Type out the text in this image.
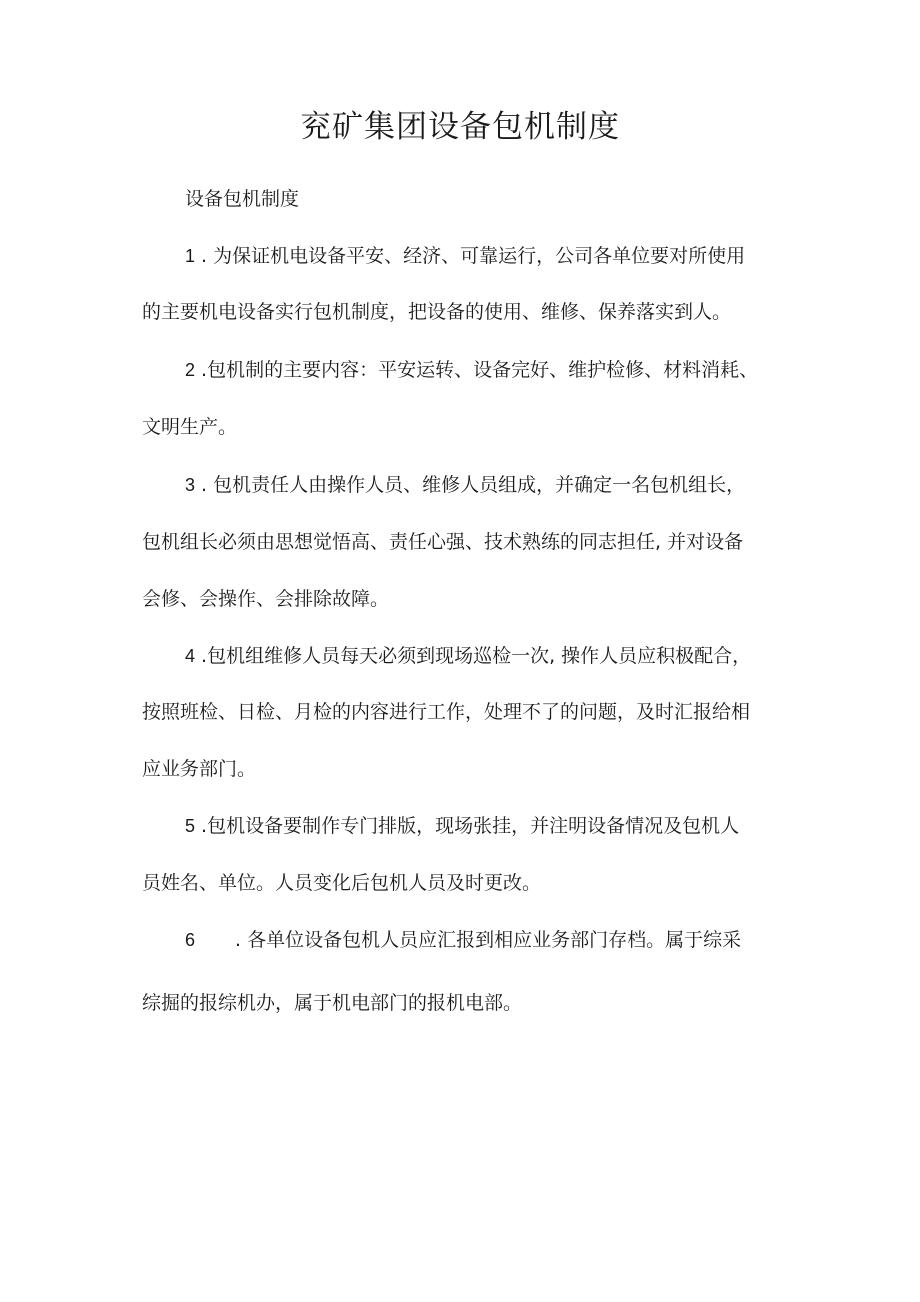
兖矿集团设备包机制度
设备包机制度
1 . 为保证机电设备平安、经济、可靠运行，公司各单位要对所使用
的主要机电设备实行包机制度，把设备的使用、维修、保养落实到人。
2 .包机制的主要内容：平安运转、设备完好、维护检修、材料消耗、
文明生产。
3 . 包机责任人由操作人员、维修人员组成，并确定一名包机组长，
包机组长必须由思想觉悟高、责任心强、技术熟练的同志担任, 并对设备
会修、会操作、会排除故障。
4 .包机组维修人员每天必须到现场巡检一次, 操作人员应积极配合，
按照班检、日检、月检的内容进行工作，处理不了的问题，及时汇报给相
应业务部门。
5 .包机设备要制作专门排版，现场张挂，并注明设备情况及包机人
员姓名、单位。人员变化后包机人员及时更改。
6 . 各单位设备包机人员应汇报到相应业务部门存档。属于综采
综掘的报综机办，属于机电部门的报机电部。
